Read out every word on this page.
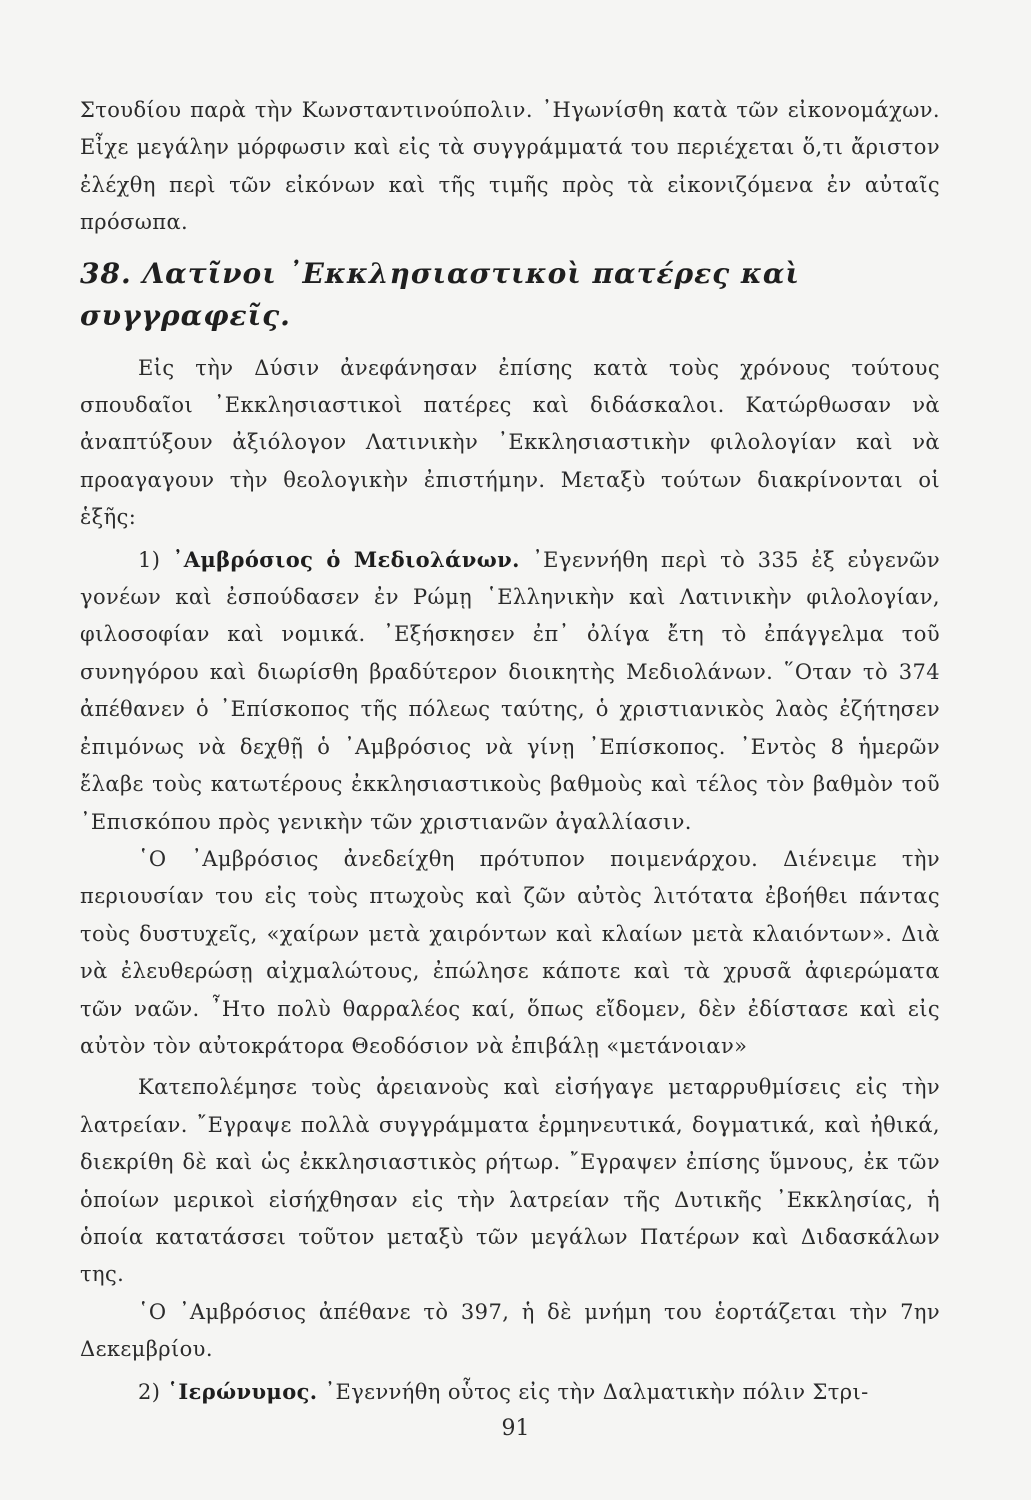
Στουδίου παρὰ τὴν Κωνσταντινούπολιν. ᾿Ηγωνίσθη κατὰ τῶν εἰκονομάχων. Εἶχε μεγάλην μόρφωσιν καὶ εἰς τὰ συγγράμματά του περιέχεται ὅ,τι ἄριστον ἐλέχθη περὶ τῶν εἰκόνων καὶ τῆς τιμῆς πρὸς τὰ εἰκονιζόμενα ἐν αὐταῖς πρόσωπα.

38. Λατῖνοι ᾿Εκκλησιαστικοὶ πατέρες καὶ συγγραφεῖς.

Εἰς τὴν Δύσιν ἀνεφάνησαν ἐπίσης κατὰ τοὺς χρόνους τούτους σπουδαῖοι ᾿Εκκλησιαστικοὶ πατέρες καὶ διδάσκαλοι. Κατώρθωσαν νὰ ἀναπτύξουν ἀξιόλογον Λατινικὴν ᾿Εκκλησιαστικὴν φιλολογίαν καὶ νὰ προαγαγουν τὴν θεολογικὴν ἐπιστήμην. Μεταξὺ τούτων διακρίνονται οἱ ἑξῆς:

1) ᾿Αμβρόσιος ὁ Μεδιολάνων. ᾿Εγεννήθη περὶ τὸ 335 ἐξ εὐγενῶν γονέων καὶ ἐσπούδασεν ἐν Ρώμῃ ῾Ελληνικὴν καὶ Λατινικὴν φιλολογίαν, φιλοσοφίαν καὶ νομικά. ᾿Εξήσκησεν ἐπ᾿ ὀλίγα ἔτη τὸ ἐπάγγελμα τοῦ συνηγόρου καὶ διωρίσθη βραδύτερον διοικητὴς Μεδιολάνων. ῞Οταν τὸ 374 ἀπέθανεν ὁ ᾿Επίσκοπος τῆς πόλεως ταύτης, ὁ χριστιανικὸς λαὸς ἐζήτησεν ἐπιμόνως νὰ δεχθῇ ὁ ᾿Αμβρόσιος νὰ γίνῃ ᾿Επίσκοπος. ᾿Εντὸς 8 ἡμερῶν ἔλαβε τοὺς κατωτέρους ἐκκλησιαστικοὺς βαθμοὺς καὶ τέλος τὸν βαθμὸν τοῦ ᾿Επισκόπου πρὸς γενικὴν τῶν χριστιανῶν ἀγαλλίασιν.

῾Ο ᾿Αμβρόσιος ἀνεδείχθη πρότυπον ποιμενάρχου. Διένειμε τὴν περιουσίαν του εἰς τοὺς πτωχοὺς καὶ ζῶν αὐτὸς λιτότατα ἐβοήθει πάντας τοὺς δυστυχεῖς, «χαίρων μετὰ χαιρόντων καὶ κλαίων μετὰ κλαιόντων». Διὰ νὰ ἐλευθερώσῃ αἰχμαλώτους, ἐπώλησε κάποτε καὶ τὰ χρυσᾶ ἀφιερώματα τῶν ναῶν. ῏Ητο πολὺ θαρραλέος καί, ὅπως εἴδομεν, δὲν ἐδίστασε καὶ εἰς αὐτὸν τὸν αὐτοκράτορα Θεοδόσιον νὰ ἐπιβάλῃ «μετάνοιαν»

Κατεπολέμησε τοὺς ἀρειανοὺς καὶ εἰσήγαγε μεταρρυθμίσεις εἰς τὴν λατρείαν. ῎Εγραψε πολλὰ συγγράμματα ἑρμηνευτικά, δογματικά, καὶ ἠθικά, διεκρίθη δὲ καὶ ὡς ἐκκλησιαστικὸς ρήτωρ. ῎Εγραψεν ἐπίσης ὕμνους, ἐκ τῶν ὁποίων μερικοὶ εἰσήχθησαν εἰς τὴν λατρείαν τῆς Δυτικῆς ᾿Εκκλησίας, ἡ ὁποία κατατάσσει τοῦτον μεταξὺ τῶν μεγάλων Πατέρων καὶ Διδασκάλων της.

῾Ο ᾿Αμβρόσιος ἀπέθανε τὸ 397, ἡ δὲ μνήμη του ἑορτάζεται τὴν 7ην Δεκεμβρίου.

2) ῾Ιερώνυμος. ᾿Εγεννήθη οὗτος εἰς τὴν Δαλματικὴν πόλιν Στρι-

91
